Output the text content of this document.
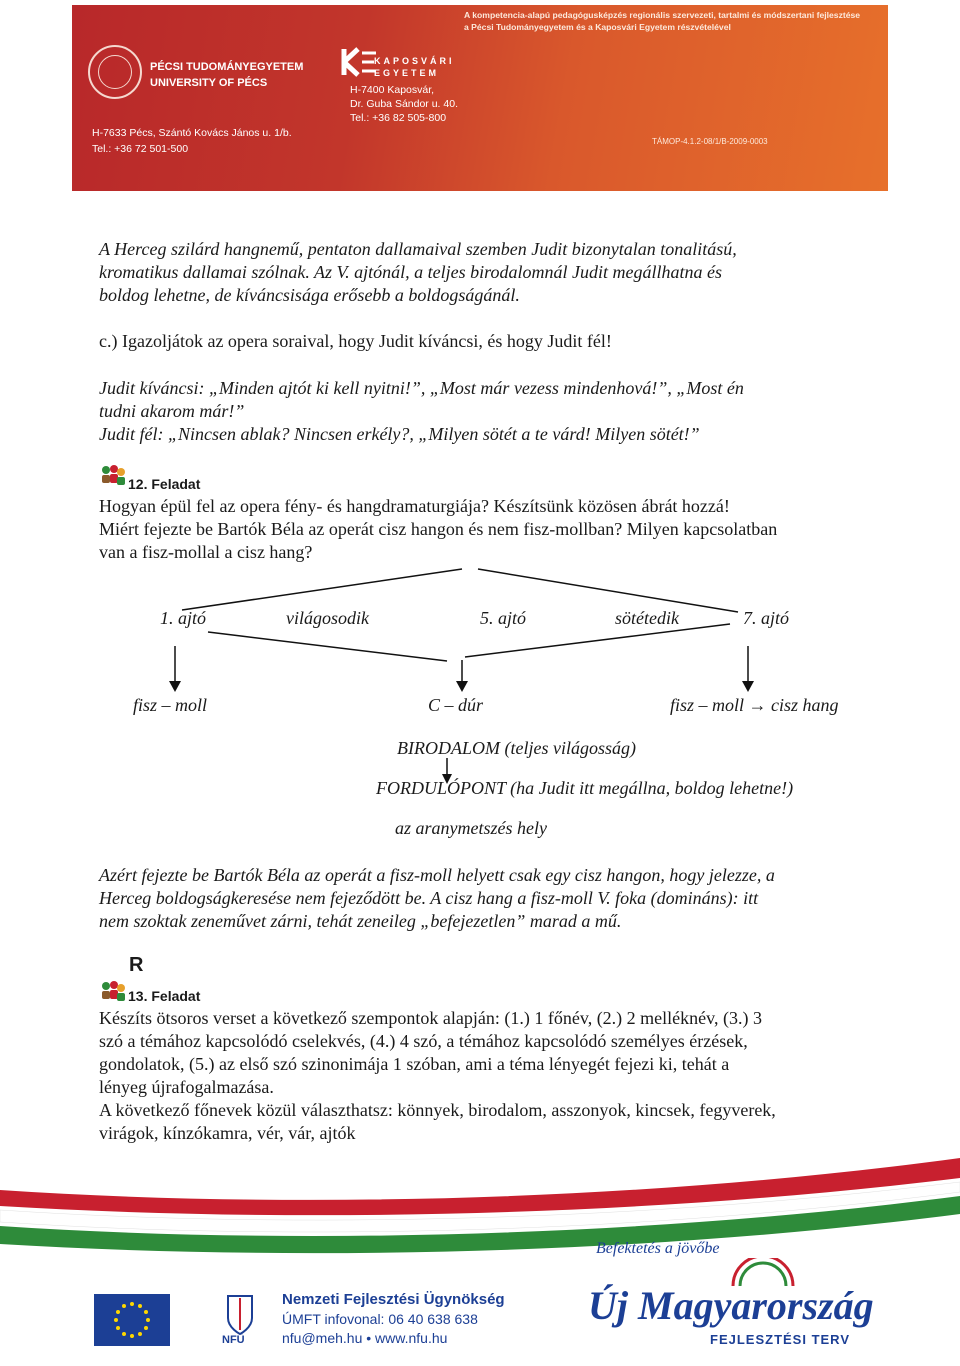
A kompetencia-alapú pedagógusképzés regionális szervezeti, tartalmi és módszertani fejlesztése
a Pécsi Tudományegyetem és a Kaposvári Egyetem részvételével
PÉCSI TUDOMÁNYEGYETEM
UNIVERSITY OF PÉCS
H-7633 Pécs, Szántó Kovács János u. 1/b.
Tel.: +36 72 501-500
KAPOSVÁRI
EGYETEM
H-7400 Kaposvár,
Dr. Guba Sándor u. 40.
Tel.: +36 82 505-800
TÁMOP-4.1.2-08/1/B-2009-0003
A Herceg szilárd hangnemű, pentaton dallamaival szemben Judit bizonytalan tonalitású,
kromatikus dallamai szólnak. Az V. ajtónál, a teljes birodalomnál Judit megállhatna és
boldog lehetne, de kíváncsisága erősebb a boldogságánál.
c.) Igazoljátok az opera soraival, hogy Judit kíváncsi, és hogy Judit fél!
Judit kíváncsi: „Minden ajtót ki kell nyitni!”, „Most már vezess mindenhová!”, „Most én
tudni akarom már!”
Judit fél: „Nincsen ablak? Nincsen erkély?, „Milyen sötét a te várd! Milyen sötét!”
12. Feladat
Hogyan épül fel az opera fény- és hangdramaturgiája? Készítsünk közösen ábrát hozzá!
Miért fejezte be Bartók Béla az operát cisz hangon és nem fisz-mollban? Milyen kapcsolatban
van a fisz-mollal a cisz hang?
1. ajtó	világosodik	5. ajtó	sötétedik	7. ajtó
fisz – moll	C – dúr	fisz – moll → cisz hang
BIRODALOM (teljes világosság)
FORDULÓPONT (ha Judit itt megállna, boldog lehetne!)
az aranymetszés hely
Azért fejezte be Bartók Béla az operát a fisz-moll helyett csak egy cisz hangon, hogy jelezze, a
Herceg boldogságkeresése nem fejeződött be. A cisz hang a fisz-moll V. foka (domináns): itt
nem szoktak zeneművet zárni, tehát zeneileg „befejezetlen” marad a mű.
R
13. Feladat
Készíts ötsoros verset a következő szempontok alapján: (1.) 1 főnév, (2.) 2 melléknév, (3.) 3
szó a témához kapcsolódó cselekvés, (4.) 4 szó, a témához kapcsolódó személyes érzések,
gondolatok, (5.) az első szó szinonimája 1 szóban, ami a téma lényegét fejezi ki, tehát a
lényeg újrafogalmazása.
A következő főnevek közül választhatsz: könnyek, birodalom, asszonyok, kincsek, fegyverek,
virágok, kínzókamra, vér, vár, ajtók
NFÜ
Nemzeti Fejlesztési Ügynökség
ÚMFT infovonal: 06 40 638 638
nfu@meh.hu • www.nfu.hu
Befektetés a jövőbe
Új Magyarország
FEJLESZTÉSI TERV
